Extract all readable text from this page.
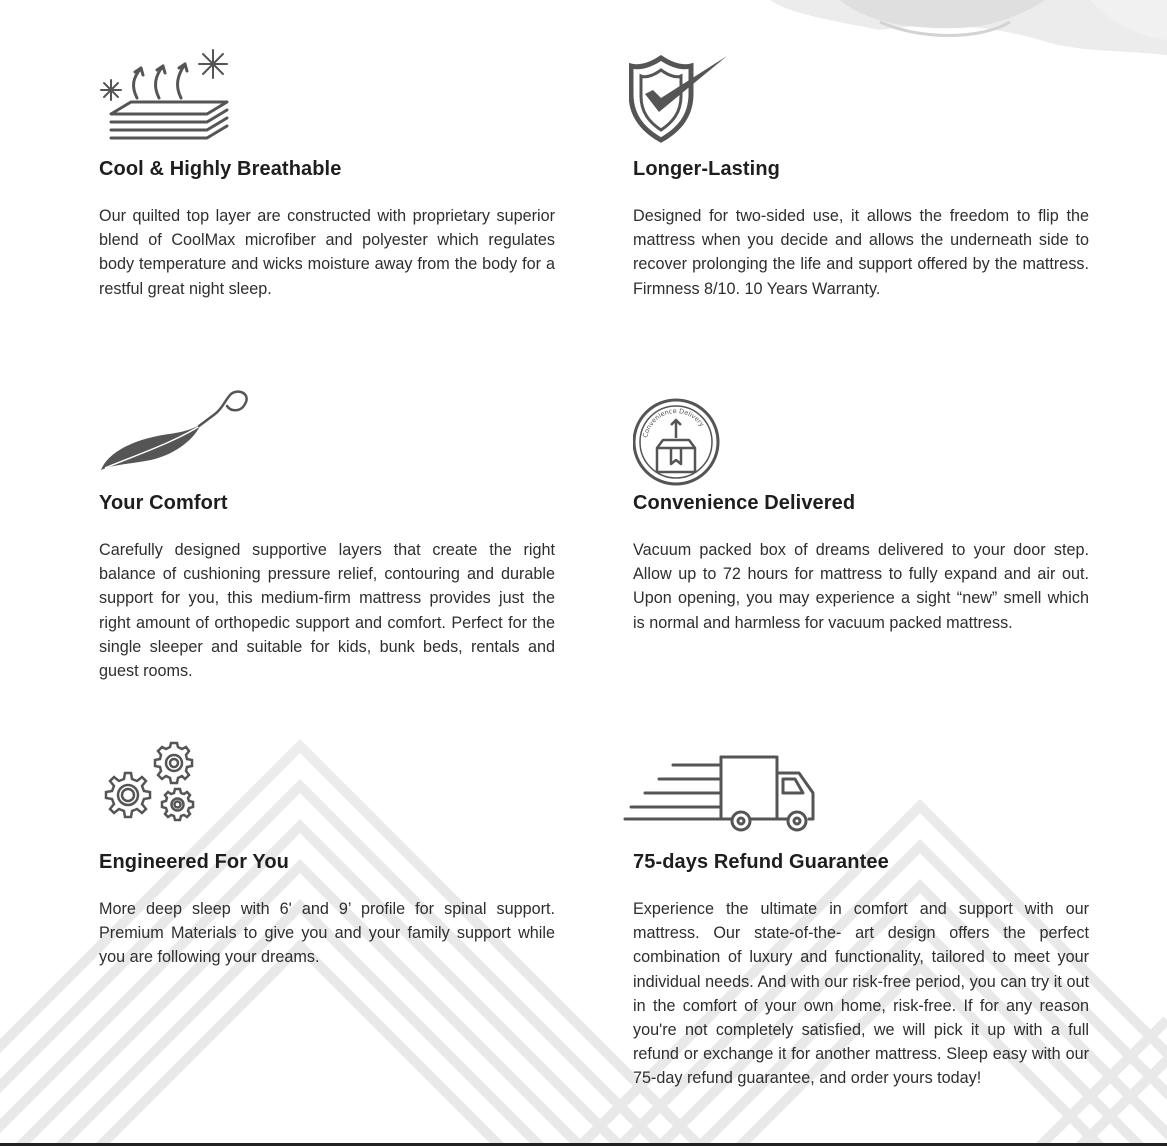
Cool & Highly Breathable

Our quilted top layer are constructed with proprietary superior blend of CoolMax microfiber and polyester which regulates body temperature and wicks moisture away from the body for a restful great night sleep.

Longer-Lasting

Designed for two-sided use, it allows the freedom to flip the mattress when you decide and allows the underneath side to recover prolonging the life and support offered by the mattress. Firmness 8/10. 10 Years Warranty.

Your Comfort

Carefully designed supportive layers that create the right balance of cushioning pressure relief, contouring and durable support for you, this medium-firm mattress provides just the right amount of orthopedic support and comfort. Perfect for the single sleeper and suitable for kids, bunk beds, rentals and guest rooms.

Convenience Delivery
Convenience Delivered

Vacuum packed box of dreams delivered to your door step. Allow up to 72 hours for mattress to fully expand and air out. Upon opening, you may experience a sight “new” smell which is normal and harmless for vacuum packed mattress.

Engineered For You

More deep sleep with 6' and 9’ profile for spinal support. Premium Materials to give you and your family support while you are following your dreams.

75-days Refund Guarantee

Experience the ultimate in comfort and support with our mattress. Our state-of-the- art design offers the perfect combination of luxury and functionality, tailored to meet your individual needs. And with our risk-free period, you can try it out in the comfort of your own home, risk-free. If for any reason you're not completely satisfied, we will pick it up with a full refund or exchange it for another mattress. Sleep easy with our 75-day refund guarantee, and order yours today!
